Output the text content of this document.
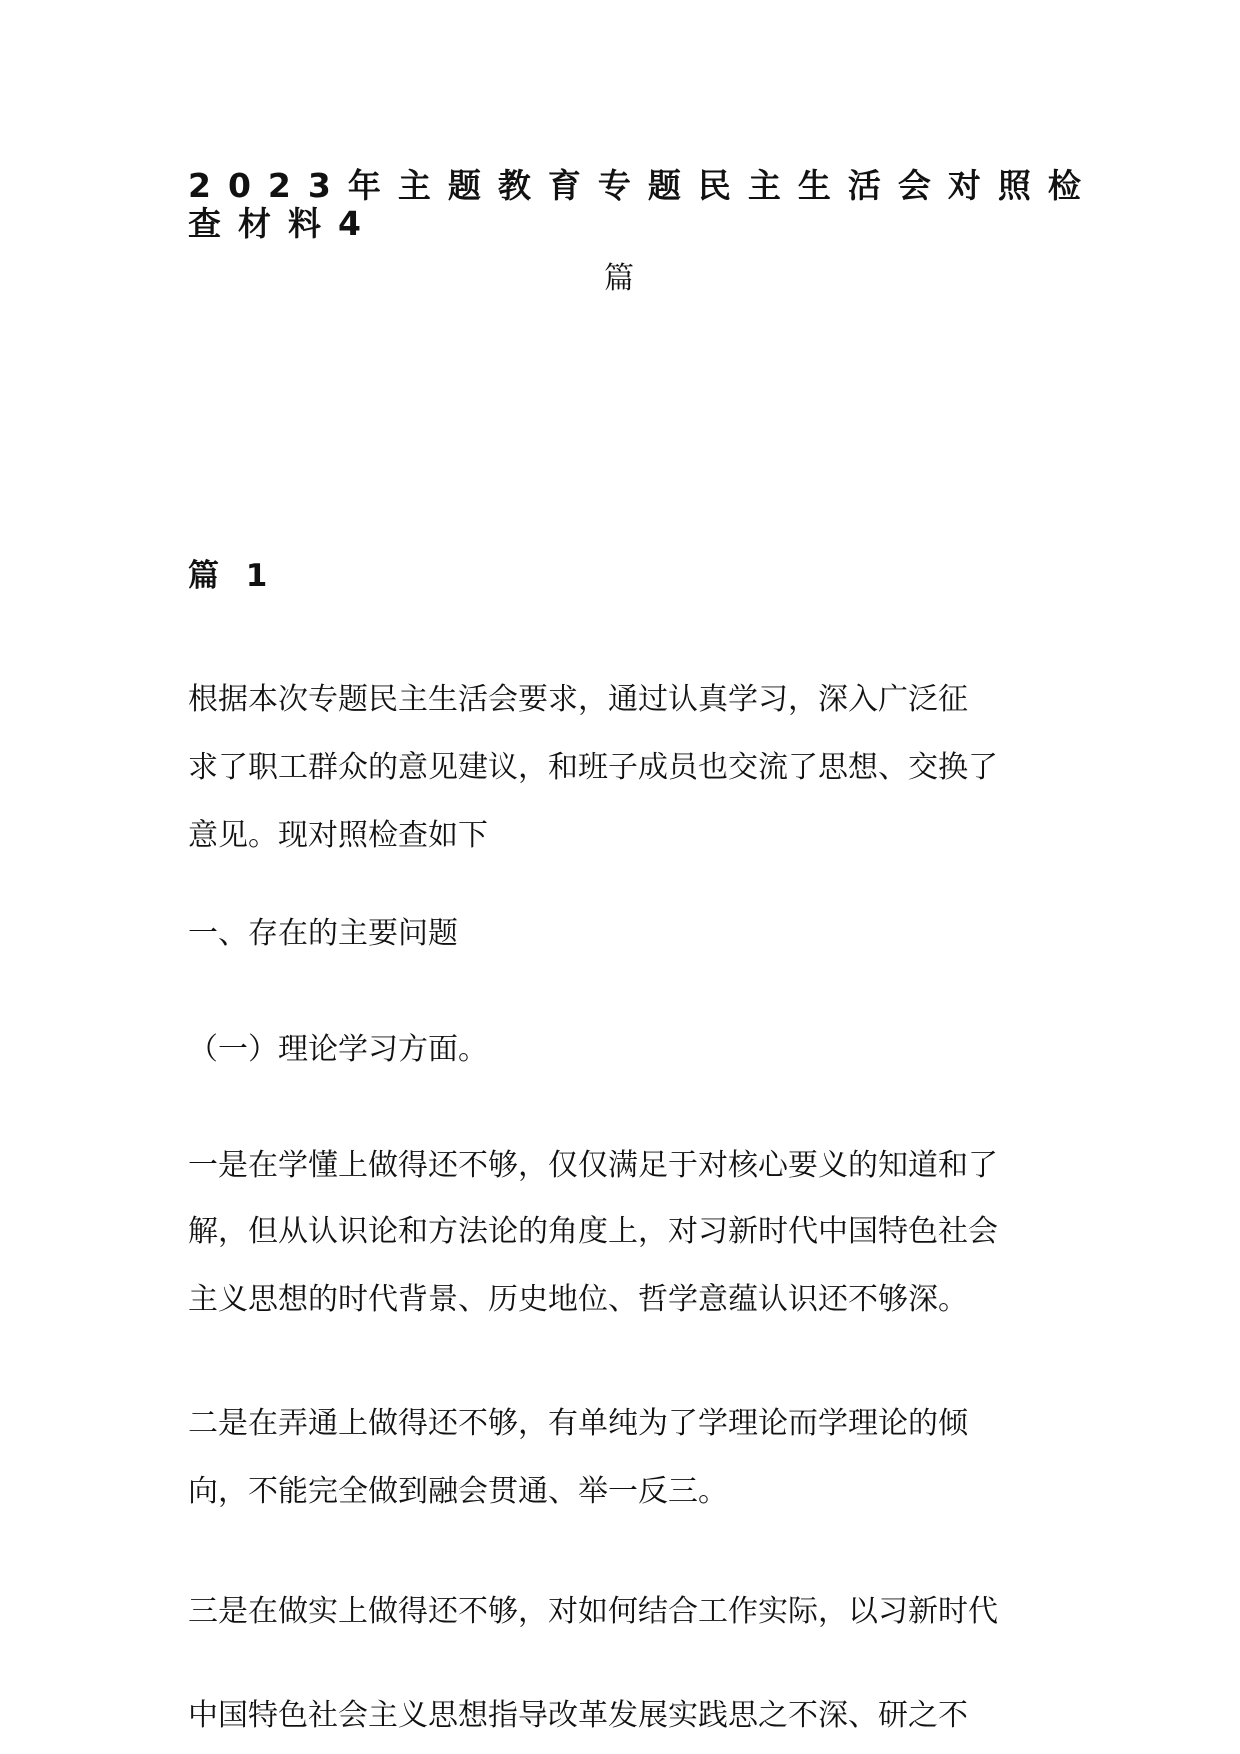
2023年主题教育专题民主生活会对照检
查材料4
篇
篇 1
根据本次专题民主生活会要求，通过认真学习，深入广泛征
求了职工群众的意见建议，和班子成员也交流了思想、交换了
意见。现对照检查如下
一、存在的主要问题
（一）理论学习方面。
一是在学懂上做得还不够，仅仅满足于对核心要义的知道和了
解，但从认识论和方法论的角度上，对习新时代中国特色社会
主义思想的时代背景、历史地位、哲学意蕴认识还不够深。
二是在弄通上做得还不够，有单纯为了学理论而学理论的倾
向，不能完全做到融会贯通、举一反三。
三是在做实上做得还不够，对如何结合工作实际，以习新时代
中国特色社会主义思想指导改革发展实践思之不深、研之不
